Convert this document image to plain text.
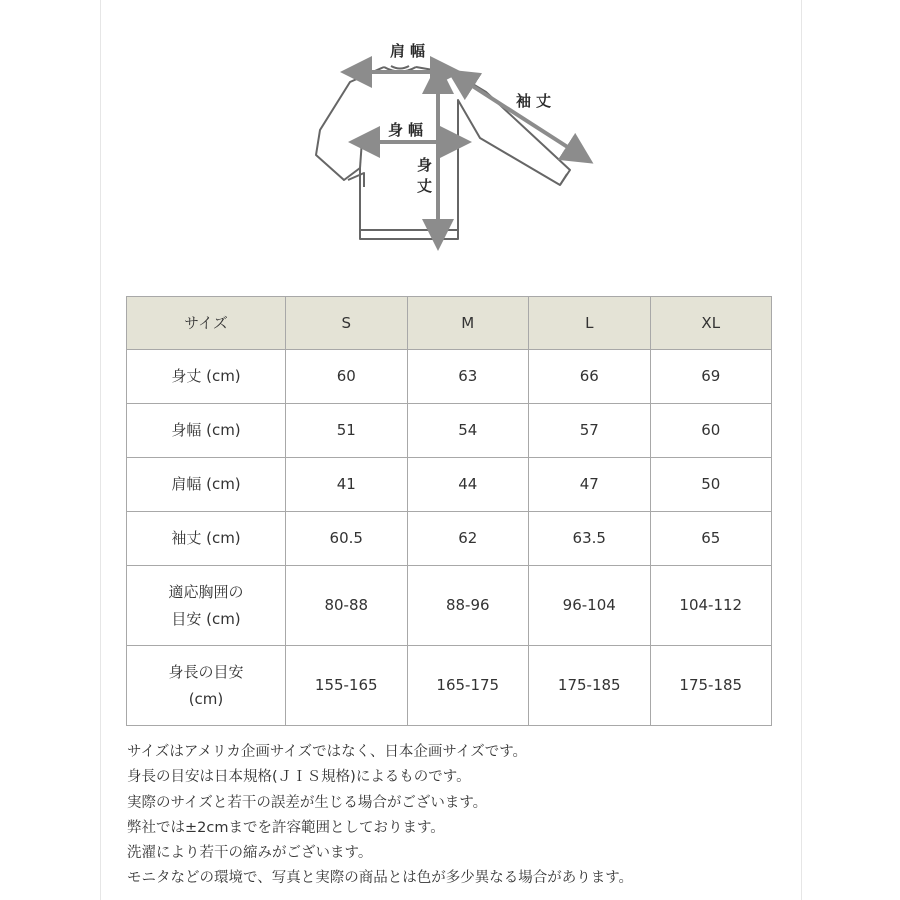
肩幅
袖丈
身幅
身丈
サイズ	S	M	L	XL
身丈 (cm)	60	63	66	69
身幅 (cm)	51	54	57	60
肩幅 (cm)	41	44	47	50
袖丈 (cm)	60.5	62	63.5	65

適応胸囲の
目安 (cm)	80-88	88-96	96-104	104-112

身長の目安
(cm)	155-165	165-175	175-185	175-185
サイズはアメリカ企画サイズではなく、日本企画サイズです。
身長の目安は日本規格(ＪＩＳ規格)によるものです。
実際のサイズと若干の誤差が生じる場合がございます。
弊社では±2cmまでを許容範囲としております。
洗濯により若干の縮みがございます。
モニタなどの環境で、写真と実際の商品とは色が多少異なる場合があります。
